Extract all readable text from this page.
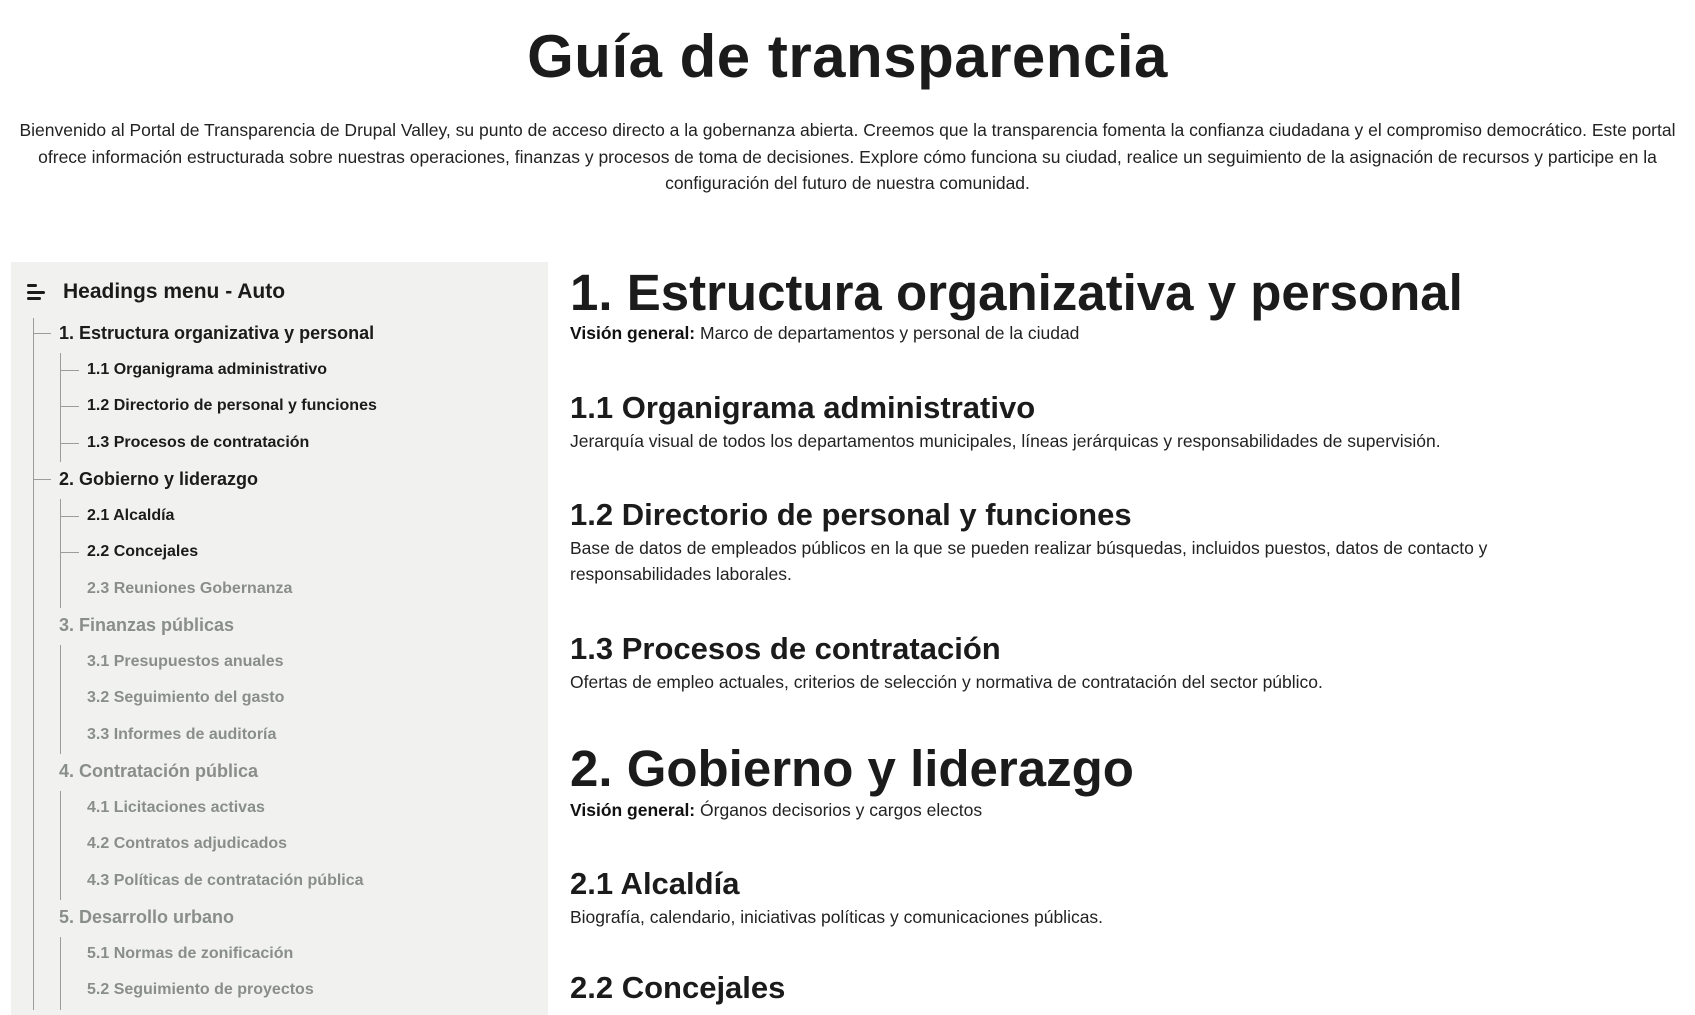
Guía de transparencia

Bienvenido al Portal de Transparencia de Drupal Valley, su punto de acceso directo a la gobernanza abierta. Creemos que la transparencia fomenta la confianza ciudadana y el compromiso democrático. Este portal ofrece información estructurada sobre nuestras operaciones, finanzas y procesos de toma de decisiones. Explore cómo funciona su ciudad, realice un seguimiento de la asignación de recursos y participe en la configuración del futuro de nuestra comunidad.

Headings menu - Auto
1. Estructura organizativa y personal
1.1 Organigrama administrativo
1.2 Directorio de personal y funciones
1.3 Procesos de contratación
2. Gobierno y liderazgo
2.1 Alcaldía
2.2 Concejales
2.3 Reuniones Gobernanza
3. Finanzas públicas
3.1 Presupuestos anuales
3.2 Seguimiento del gasto
3.3 Informes de auditoría
4. Contratación pública
4.1 Licitaciones activas
4.2 Contratos adjudicados
4.3 Políticas de contratación pública
5. Desarrollo urbano
5.1 Normas de zonificación
5.2 Seguimiento de proyectos
1. Estructura organizativa y personal
Visión general: Marco de departamentos y personal de la ciudad
1.1 Organigrama administrativo
Jerarquía visual de todos los departamentos municipales, líneas jerárquicas y responsabilidades de supervisión.
1.2 Directorio de personal y funciones
Base de datos de empleados públicos en la que se pueden realizar búsquedas, incluidos puestos, datos de contacto y responsabilidades laborales.
1.3 Procesos de contratación
Ofertas de empleo actuales, criterios de selección y normativa de contratación del sector público.
2. Gobierno y liderazgo
Visión general: Órganos decisorios y cargos electos
2.1 Alcaldía
Biografía, calendario, iniciativas políticas y comunicaciones públicas.
2.2 Concejales
